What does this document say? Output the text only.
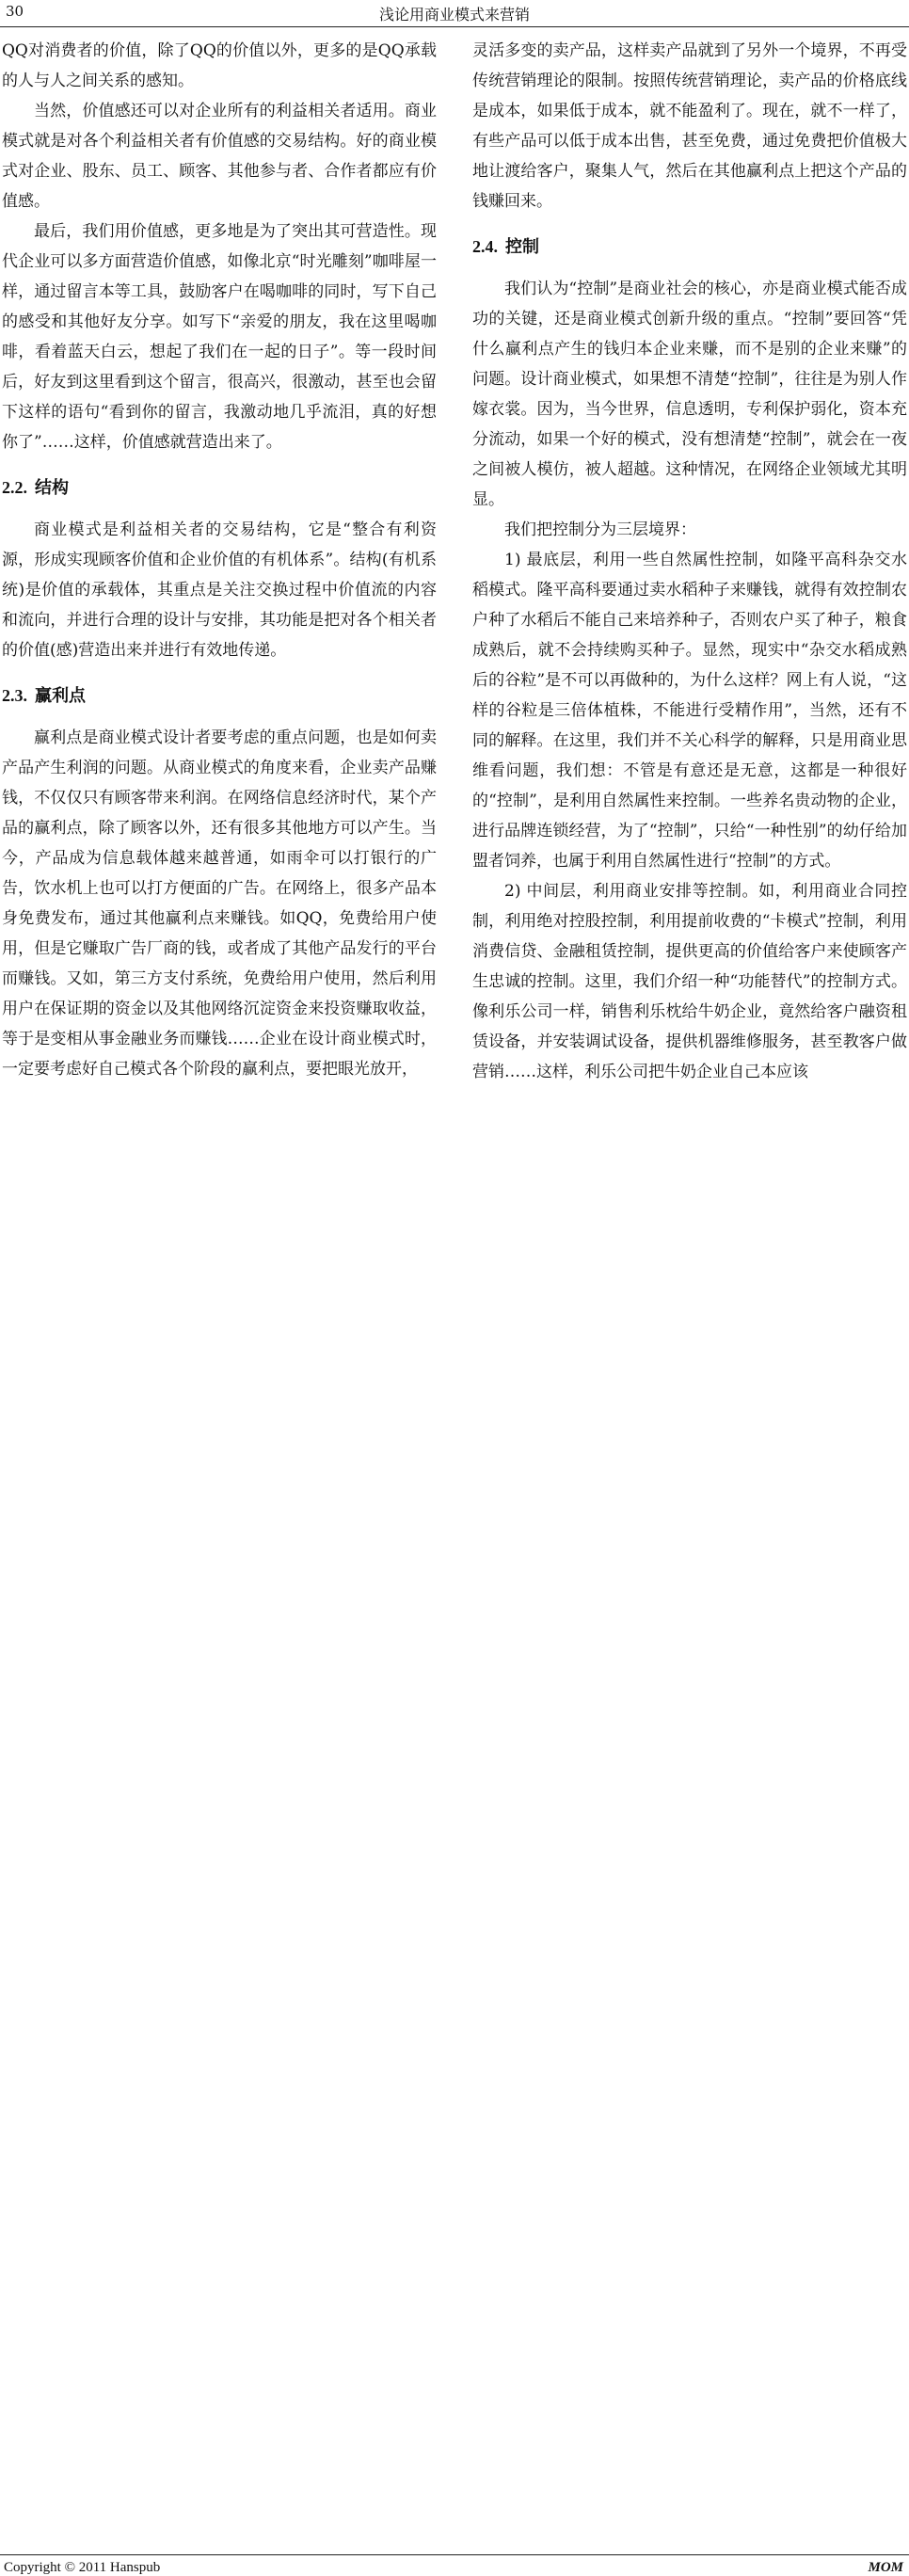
30	浅论用商业模式来营销

QQ对消费者的价值，除了QQ的价值以外，更多的是QQ承载的人与人之间关系的感知。

当然，价值感还可以对企业所有的利益相关者适用。商业模式就是对各个利益相关者有价值感的交易结构。好的商业模式对企业、股东、员工、顾客、其他参与者、合作者都应有价值感。

最后，我们用价值感，更多地是为了突出其可营造性。现代企业可以多方面营造价值感，如像北京“时光雕刻”咖啡屋一样，通过留言本等工具，鼓励客户在喝咖啡的同时，写下自己的感受和其他好友分享。如写下“亲爱的朋友，我在这里喝咖啡，看着蓝天白云，想起了我们在一起的日子”。等一段时间后，好友到这里看到这个留言，很高兴，很激动，甚至也会留下这样的语句“看到你的留言，我激动地几乎流泪，真的好想你了”……这样，价值感就营造出来了。

2.2. 结构

商业模式是利益相关者的交易结构，它是“整合有利资源，形成实现顾客价值和企业价值的有机体系”。结构(有机系统)是价值的承载体，其重点是关注交换过程中价值流的内容和流向，并进行合理的设计与安排，其功能是把对各个相关者的价值(感)营造出来并进行有效地传递。

2.3. 赢利点

赢利点是商业模式设计者要考虑的重点问题，也是如何卖产品产生利润的问题。从商业模式的角度来看，企业卖产品赚钱，不仅仅只有顾客带来利润。在网络信息经济时代，某个产品的赢利点，除了顾客以外，还有很多其他地方可以产生。当今，产品成为信息载体越来越普通，如雨伞可以打银行的广告，饮水机上也可以打方便面的广告。在网络上，很多产品本身免费发布，通过其他赢利点来赚钱。如QQ，免费给用户使用，但是它赚取广告厂商的钱，或者成了其他产品发行的平台而赚钱。又如，第三方支付系统，免费给用户使用，然后利用用户在保证期的资金以及其他网络沉淀资金来投资赚取收益，等于是变相从事金融业务而赚钱……企业在设计商业模式时，一定要考虑好自己模式各个阶段的赢利点，要把眼光放开，

灵活多变的卖产品，这样卖产品就到了另外一个境界，不再受传统营销理论的限制。按照传统营销理论，卖产品的价格底线是成本，如果低于成本，就不能盈利了。现在，就不一样了，有些产品可以低于成本出售，甚至免费，通过免费把价值极大地让渡给客户，聚集人气，然后在其他赢利点上把这个产品的钱赚回来。

2.4. 控制

我们认为“控制”是商业社会的核心，亦是商业模式能否成功的关键，还是商业模式创新升级的重点。“控制”要回答“凭什么赢利点产生的钱归本企业来赚，而不是别的企业来赚”的问题。设计商业模式，如果想不清楚“控制”，往往是为别人作嫁衣裳。因为，当今世界，信息透明，专利保护弱化，资本充分流动，如果一个好的模式，没有想清楚“控制”，就会在一夜之间被人模仿，被人超越。这种情况，在网络企业领域尤其明显。

我们把控制分为三层境界：

1) 最底层，利用一些自然属性控制，如隆平高科杂交水稻模式。隆平高科要通过卖水稻种子来赚钱，就得有效控制农户种了水稻后不能自己来培养种子，否则农户买了种子，粮食成熟后，就不会持续购买种子。显然，现实中“杂交水稻成熟后的谷粒”是不可以再做种的，为什么这样？网上有人说，“这样的谷粒是三倍体植株，不能进行受精作用”，当然，还有不同的解释。在这里，我们并不关心科学的解释，只是用商业思维看问题，我们想：不管是有意还是无意，这都是一种很好的“控制”，是利用自然属性来控制。一些养名贵动物的企业，进行品牌连锁经营，为了“控制”，只给“一种性别”的幼仔给加盟者饲养，也属于利用自然属性进行“控制”的方式。

2) 中间层，利用商业安排等控制。如，利用商业合同控制，利用绝对控股控制，利用提前收费的“卡模式”控制，利用消费信贷、金融租赁控制，提供更高的价值给客户来使顾客产生忠诚的控制。这里，我们介绍一种“功能替代”的控制方式。像利乐公司一样，销售利乐枕给牛奶企业，竟然给客户融资租赁设备，并安装调试设备，提供机器维修服务，甚至教客户做营销……这样，利乐公司把牛奶企业自己本应该

Copyright © 2011 Hanspub	MOM
